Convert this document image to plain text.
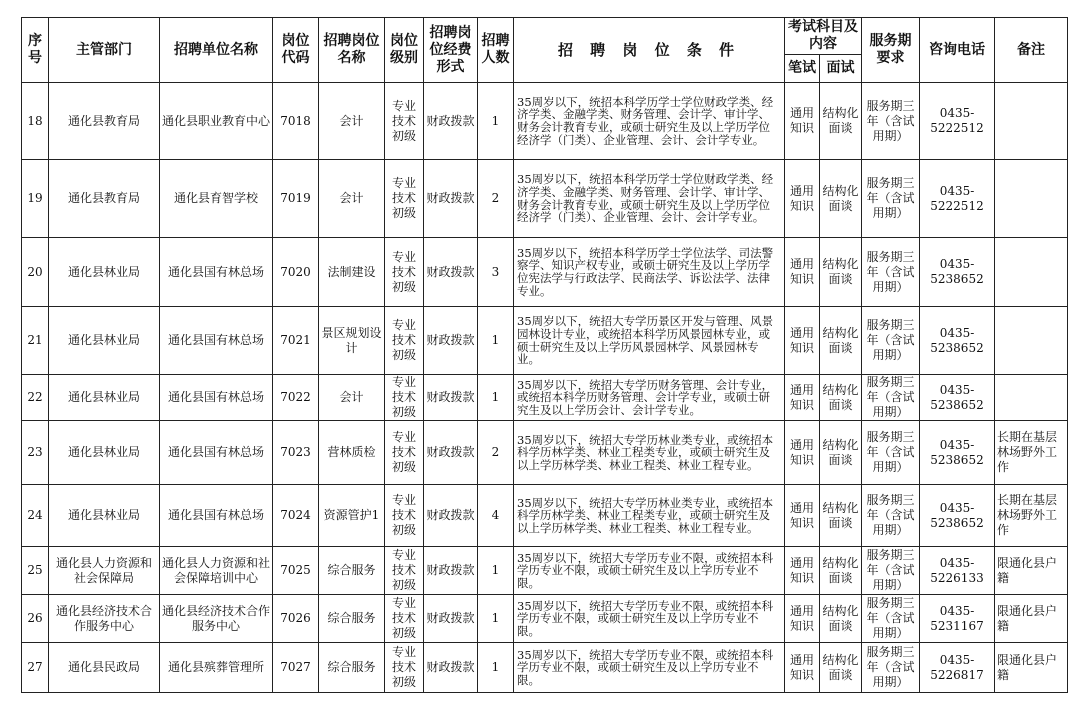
序号	主管部门	招聘单位名称	岗位代码	招聘岗位名称	岗位级别	招聘岗位经费形式	招聘人数	招 聘 岗 位 条 件	考试科目及内容		服务期要求	咨询电话	备注
									笔试	面试			
18	通化县教育局	通化县职业教育中心	7018	会计	专业技术初级	财政拨款	1	35周岁以下，统招本科学历学士学位财政学类、经济学类、金融学类、财务管理、会计学、审计学、财务会计教育专业，或硕士研究生及以上学历学位经济学（门类）、企业管理、会计、会计学专业。	通用知识	结构化面谈	服务期三年（含试用期）	0435-5222512	
19	通化县教育局	通化县育智学校	7019	会计	专业技术初级	财政拨款	2	35周岁以下，统招本科学历学士学位财政学类、经济学类、金融学类、财务管理、会计学、审计学、财务会计教育专业，或硕士研究生及以上学历学位经济学（门类）、企业管理、会计、会计学专业。	通用知识	结构化面谈	服务期三年（含试用期）	0435-5222512	
20	通化县林业局	通化县国有林总场	7020	法制建设	专业技术初级	财政拨款	3	35周岁以下，统招本科学历学士学位法学、司法警察学、知识产权专业，或硕士研究生及以上学历学位宪法学与行政法学、民商法学、诉讼法学、法律专业。	通用知识	结构化面谈	服务期三年（含试用期）	0435-5238652	
21	通化县林业局	通化县国有林总场	7021	景区规划设计	专业技术初级	财政拨款	1	35周岁以下，统招大专学历景区开发与管理、风景园林设计专业，或统招本科学历风景园林专业，或硕士研究生及以上学历风景园林学、风景园林专业。	通用知识	结构化面谈	服务期三年（含试用期）	0435-5238652	
22	通化县林业局	通化县国有林总场	7022	会计	专业技术初级	财政拨款	1	35周岁以下，统招大专学历财务管理、会计专业，或统招本科学历财务管理、会计学专业，或硕士研究生及以上学历会计、会计学专业。	通用知识	结构化面谈	服务期三年（含试用期）	0435-5238652	
23	通化县林业局	通化县国有林总场	7023	营林质检	专业技术初级	财政拨款	2	35周岁以下，统招大专学历林业类专业，或统招本科学历林学类、林业工程类专业，或硕士研究生及以上学历林学类、林业工程类、林业工程专业。	通用知识	结构化面谈	服务期三年（含试用期）	0435-5238652	长期在基层林场野外工作
24	通化县林业局	通化县国有林总场	7024	资源管护1	专业技术初级	财政拨款	4	35周岁以下，统招大专学历林业类专业，或统招本科学历林学类、林业工程类专业，或硕士研究生及以上学历林学类、林业工程类、林业工程专业。	通用知识	结构化面谈	服务期三年（含试用期）	0435-5238652	长期在基层林场野外工作
25	通化县人力资源和社会保障局	通化县人力资源和社会保障培训中心	7025	综合服务	专业技术初级	财政拨款	1	35周岁以下，统招大专学历专业不限，或统招本科学历专业不限，或硕士研究生及以上学历专业不限。	通用知识	结构化面谈	服务期三年（含试用期）	0435-5226133	限通化县户籍
26	通化县经济技术合作服务中心	通化县经济技术合作服务中心	7026	综合服务	专业技术初级	财政拨款	1	35周岁以下，统招大专学历专业不限，或统招本科学历专业不限，或硕士研究生及以上学历专业不限。	通用知识	结构化面谈	服务期三年（含试用期）	0435-5231167	限通化县户籍
27	通化县民政局	通化县殡葬管理所	7027	综合服务	专业技术初级	财政拨款	1	35周岁以下，统招大专学历专业不限，或统招本科学历专业不限，或硕士研究生及以上学历专业不限。	通用知识	结构化面谈	服务期三年（含试用期）	0435-5226817	限通化县户籍
